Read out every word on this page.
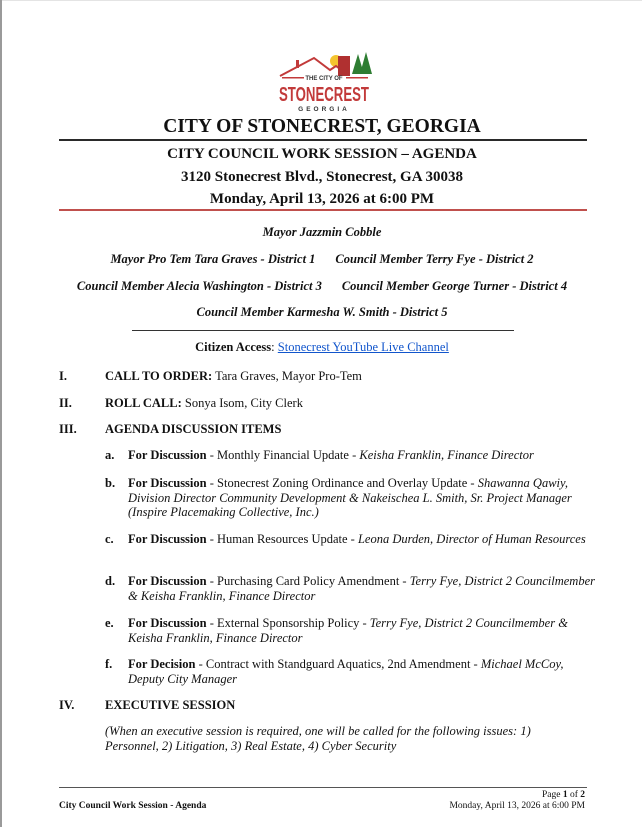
THE CITY OF
STONECREST
GEORGIA
CITY OF STONECREST, GEORGIA
CITY COUNCIL WORK SESSION – AGENDA
3120 Stonecrest Blvd., Stonecrest, GA 30038
Monday, April 13, 2026 at 6:00 PM
Mayor Jazzmin Cobble
Mayor Pro Tem Tara Graves - District 1 Council Member Terry Fye - District 2
Council Member Alecia Washington - District 3 Council Member George Turner - District 4
Council Member Karmesha W. Smith - District 5
Citizen Access: Stonecrest YouTube Live Channel
I.	CALL TO ORDER: Tara Graves, Mayor Pro-Tem
II.	ROLL CALL: Sonya Isom, City Clerk
III. AGENDA DISCUSSION ITEMS
a. For Discussion - Monthly Financial Update - Keisha Franklin, Finance Director
b. For Discussion - Stonecrest Zoning Ordinance and Overlay Update - Shawanna Qawiy, Division Director Community Development & Nakeischea L. Smith, Sr. Project Manager (Inspire Placemaking Collective, Inc.)
c. For Discussion - Human Resources Update - Leona Durden, Director of Human Resources
d. For Discussion - Purchasing Card Policy Amendment - Terry Fye, District 2 Councilmember & Keisha Franklin, Finance Director
e. For Discussion - External Sponsorship Policy - Terry Fye, District 2 Councilmember & Keisha Franklin, Finance Director
f. For Decision - Contract with Standguard Aquatics, 2nd Amendment - Michael McCoy, Deputy City Manager
IV. EXECUTIVE SESSION
(When an executive session is required, one will be called for the following issues: 1) Personnel, 2) Litigation, 3) Real Estate, 4) Cyber Security
City Council Work Session - Agenda
Page 1 of 2
Monday, April 13, 2026 at 6:00 PM
